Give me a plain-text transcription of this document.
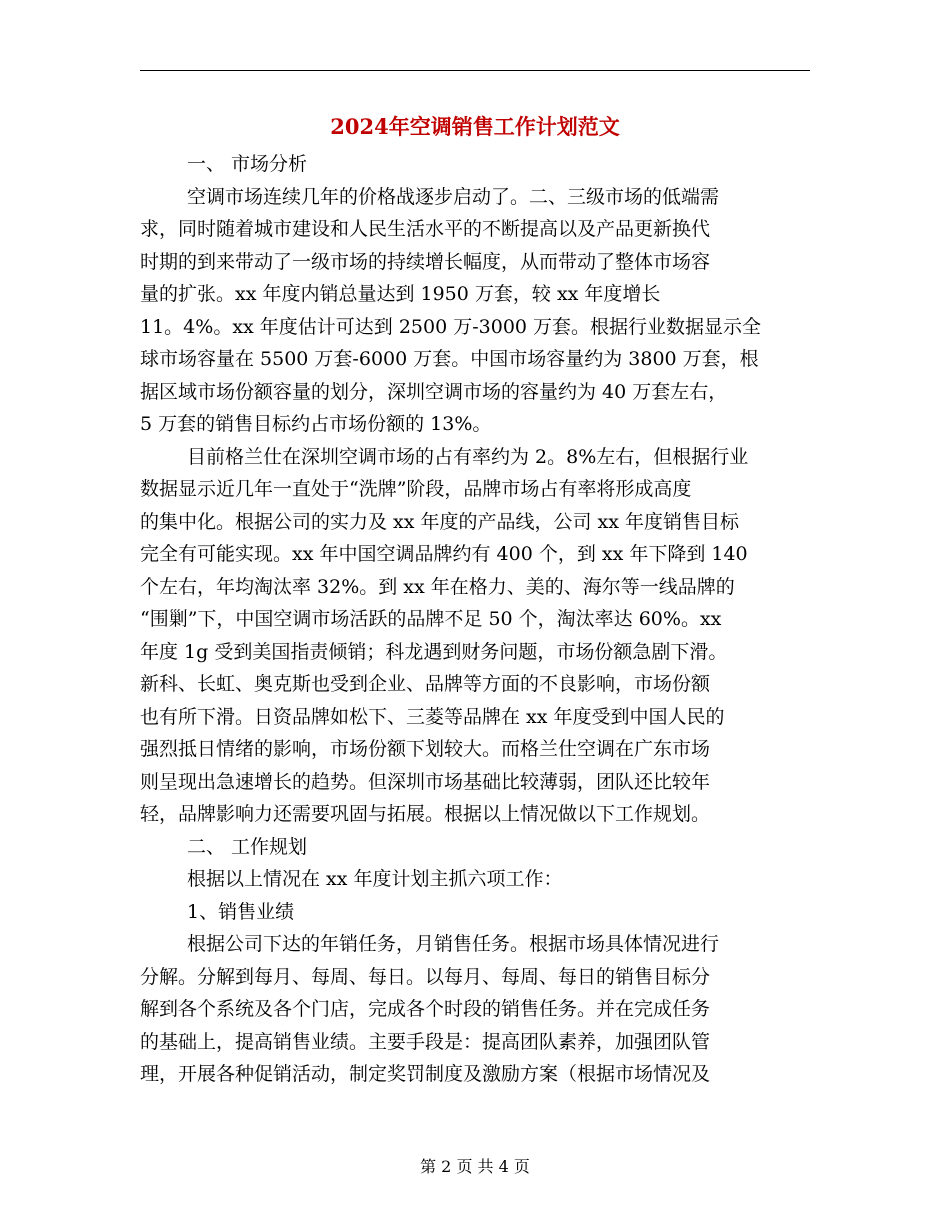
2024年空调销售工作计划范文
一、 市场分析
空调市场连续几年的价格战逐步启动了。二、三级市场的低端需
求，同时随着城市建设和人民生活水平的不断提高以及产品更新换代
时期的到来带动了一级市场的持续增长幅度，从而带动了整体市场容
量的扩张。xx 年度内销总量达到 1950 万套，较 xx 年度增长
11。4%。xx 年度估计可达到 2500 万-3000 万套。根据行业数据显示全
球市场容量在 5500 万套-6000 万套。中国市场容量约为 3800 万套，根
据区域市场份额容量的划分，深圳空调市场的容量约为 40 万套左右，
5 万套的销售目标约占市场份额的 13%。
目前格兰仕在深圳空调市场的占有率约为 2。8%左右，但根据行业
数据显示近几年一直处于“洗牌”阶段，品牌市场占有率将形成高度
的集中化。根据公司的实力及 xx 年度的产品线，公司 xx 年度销售目标
完全有可能实现。xx 年中国空调品牌约有 400 个，到 xx 年下降到 140
个左右，年均淘汰率 32%。到 xx 年在格力、美的、海尔等一线品牌的
“围剿”下，中国空调市场活跃的品牌不足 50 个，淘汰率达 60%。xx
年度 1g 受到美国指责倾销；科龙遇到财务问题，市场份额急剧下滑。
新科、长虹、奥克斯也受到企业、品牌等方面的不良影响，市场份额
也有所下滑。日资品牌如松下、三菱等品牌在 xx 年度受到中国人民的
强烈抵日情绪的影响，市场份额下划较大。而格兰仕空调在广东市场
则呈现出急速增长的趋势。但深圳市场基础比较薄弱，团队还比较年
轻，品牌影响力还需要巩固与拓展。根据以上情况做以下工作规划。
二、 工作规划
根据以上情况在 xx 年度计划主抓六项工作：
1、销售业绩
根据公司下达的年销任务，月销售任务。根据市场具体情况进行
分解。分解到每月、每周、每日。以每月、每周、每日的销售目标分
解到各个系统及各个门店，完成各个时段的销售任务。并在完成任务
的基础上，提高销售业绩。主要手段是：提高团队素养，加强团队管
理，开展各种促销活动，制定奖罚制度及激励方案（根据市场情况及
第 2 页 共 4 页
